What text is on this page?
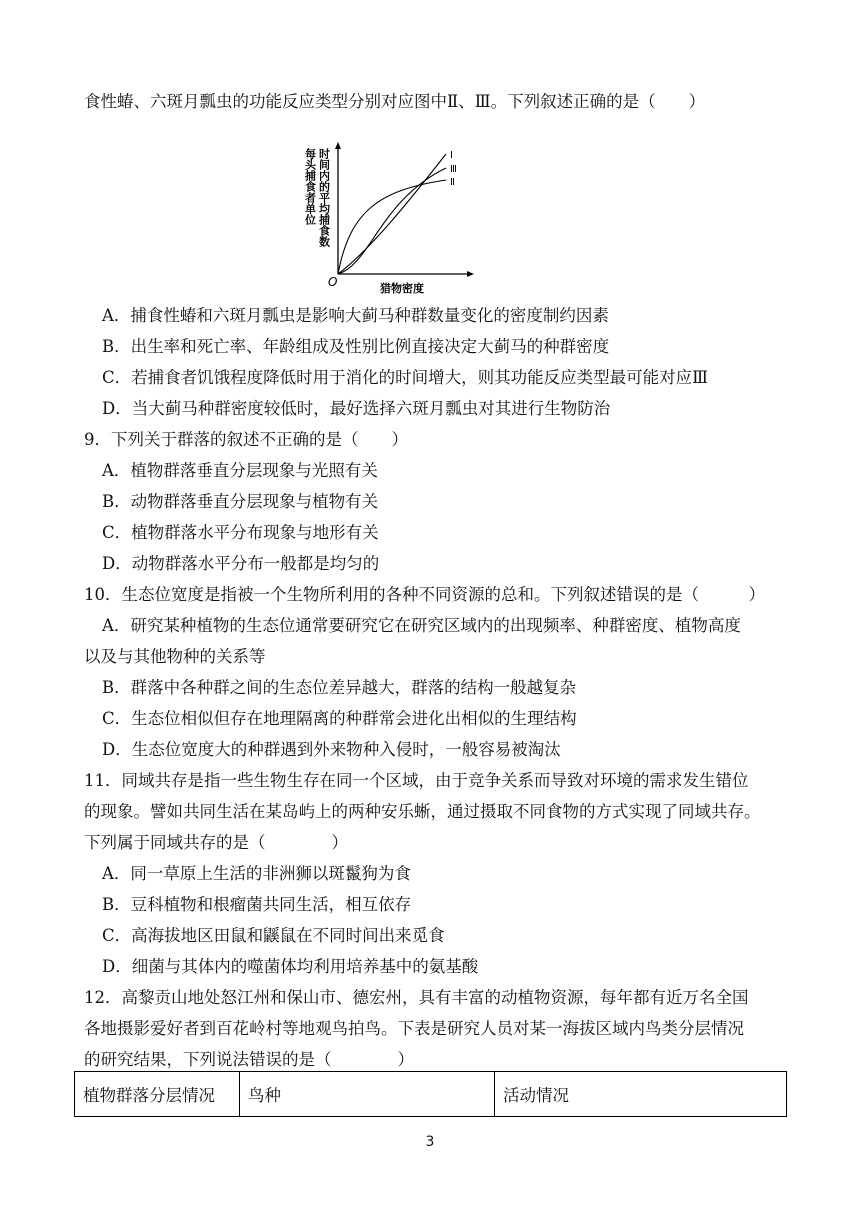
食性蝽、六斑月瓢虫的功能反应类型分别对应图中Ⅱ、Ⅲ。下列叙述正确的是（　　）
每头捕食者单位 时间内的平均捕食数
O	猎物密度
Ⅰ
Ⅲ
Ⅱ
A．捕食性蝽和六斑月瓢虫是影响大蓟马种群数量变化的密度制约因素
B．出生率和死亡率、年龄组成及性别比例直接决定大蓟马的种群密度
C．若捕食者饥饿程度降低时用于消化的时间增大，则其功能反应类型最可能对应Ⅲ
D．当大蓟马种群密度较低时，最好选择六斑月瓢虫对其进行生物防治
9．下列关于群落的叙述不正确的是（　　）
A．植物群落垂直分层现象与光照有关
B．动物群落垂直分层现象与植物有关
C．植物群落水平分布现象与地形有关
D．动物群落水平分布一般都是均匀的
10．生态位宽度是指被一个生物所利用的各种不同资源的总和。下列叙述错误的是（　　　）
A．研究某种植物的生态位通常要研究它在研究区域内的出现频率、种群密度、植物高度
以及与其他物种的关系等
B．群落中各种群之间的生态位差异越大，群落的结构一般越复杂
C．生态位相似但存在地理隔离的种群常会进化出相似的生理结构
D．生态位宽度大的种群遇到外来物种入侵时，一般容易被淘汰
11．同域共存是指一些生物生存在同一个区域，由于竞争关系而导致对环境的需求发生错位
的现象。譬如共同生活在某岛屿上的两种安乐蜥，通过摄取不同食物的方式实现了同域共存。
下列属于同域共存的是（　　　　）
A．同一草原上生活的非洲狮以斑鬣狗为食
B．豆科植物和根瘤菌共同生活，相互依存
C．高海拔地区田鼠和鼷鼠在不同时间出来觅食
D．细菌与其体内的噬菌体均利用培养基中的氨基酸
12．高黎贡山地处怒江州和保山市、德宏州，具有丰富的动植物资源，每年都有近万名全国
各地摄影爱好者到百花岭村等地观鸟拍鸟。下表是研究人员对某一海拔区域内鸟类分层情况
的研究结果，下列说法错误的是（　　　　）
植物群落分层情况	鸟种	活动情况
3
